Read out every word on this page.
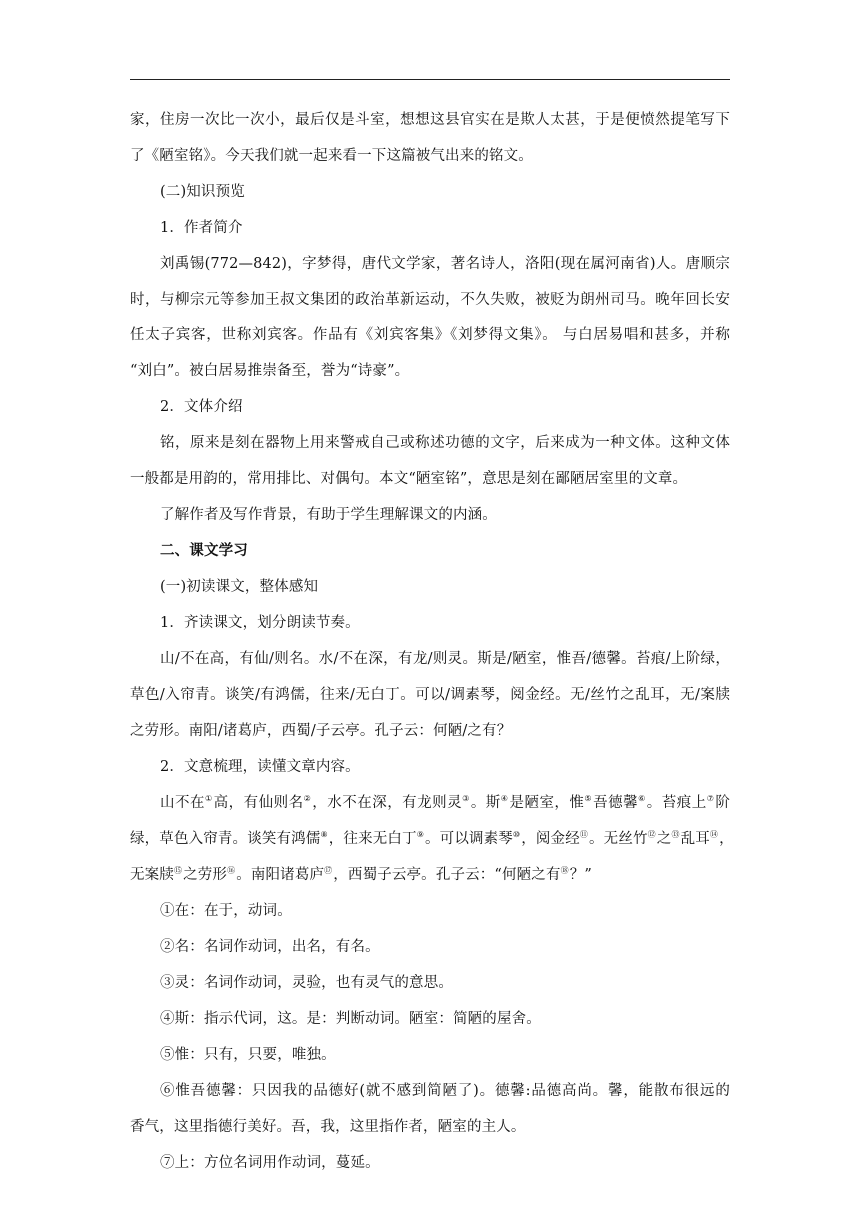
家，住房一次比一次小，最后仅是斗室，想想这县官实在是欺人太甚，于是便愤然提笔写下
了《陋室铭》。今天我们就一起来看一下这篇被气出来的铭文。
(二)知识预览
1．作者简介
刘禹锡(772—842)，字梦得，唐代文学家，著名诗人，洛阳(现在属河南省)人。唐顺宗
时，与柳宗元等参加王叔文集团的政治革新运动，不久失败，被贬为朗州司马。晚年回长安
任太子宾客，世称刘宾客。作品有《刘宾客集》《刘梦得文集》。 与白居易唱和甚多，并称
“刘白”。被白居易推崇备至，誉为“诗豪”。
2．文体介绍
铭，原来是刻在器物上用来警戒自己或称述功德的文字，后来成为一种文体。这种文体
一般都是用韵的，常用排比、对偶句。本文“陋室铭”，意思是刻在鄙陋居室里的文章。
了解作者及写作背景，有助于学生理解课文的内涵。
二、课文学习
(一)初读课文，整体感知
1．齐读课文，划分朗读节奏。
山/不在高，有仙/则名。水/不在深，有龙/则灵。斯是/陋室，惟吾/德馨。苔痕/上阶绿，
草色/入帘青。谈笑/有鸿儒，往来/无白丁。可以/调素琴，阅金经。无/丝竹之乱耳，无/案牍
之劳形。南阳/诸葛庐，西蜀/子云亭。孔子云：何陋/之有？
2．文意梳理，读懂文章内容。
山不在①高，有仙则名②，水不在深，有龙则灵③。斯④是陋室，惟⑤吾德馨⑥。苔痕上⑦阶
绿，草色入帘青。谈笑有鸿儒⑧，往来无白丁⑨。可以调素琴⑩，阅金经⑪。无丝竹⑫之⑬乱耳⑭，
无案牍⑮之劳形⑯。南阳诸葛庐⑰，西蜀子云亭。孔子云：“何陋之有⑱？”
①在：在于，动词。
②名：名词作动词，出名，有名。
③灵：名词作动词，灵验，也有灵气的意思。
④斯：指示代词，这。是：判断动词。陋室：简陋的屋舍。
⑤惟：只有，只要，唯独。
⑥惟吾德馨：只因我的品德好(就不感到简陋了)。德馨:品德高尚。馨，能散布很远的
香气，这里指德行美好。吾，我，这里指作者，陋室的主人。
⑦上：方位名词用作动词，蔓延。
